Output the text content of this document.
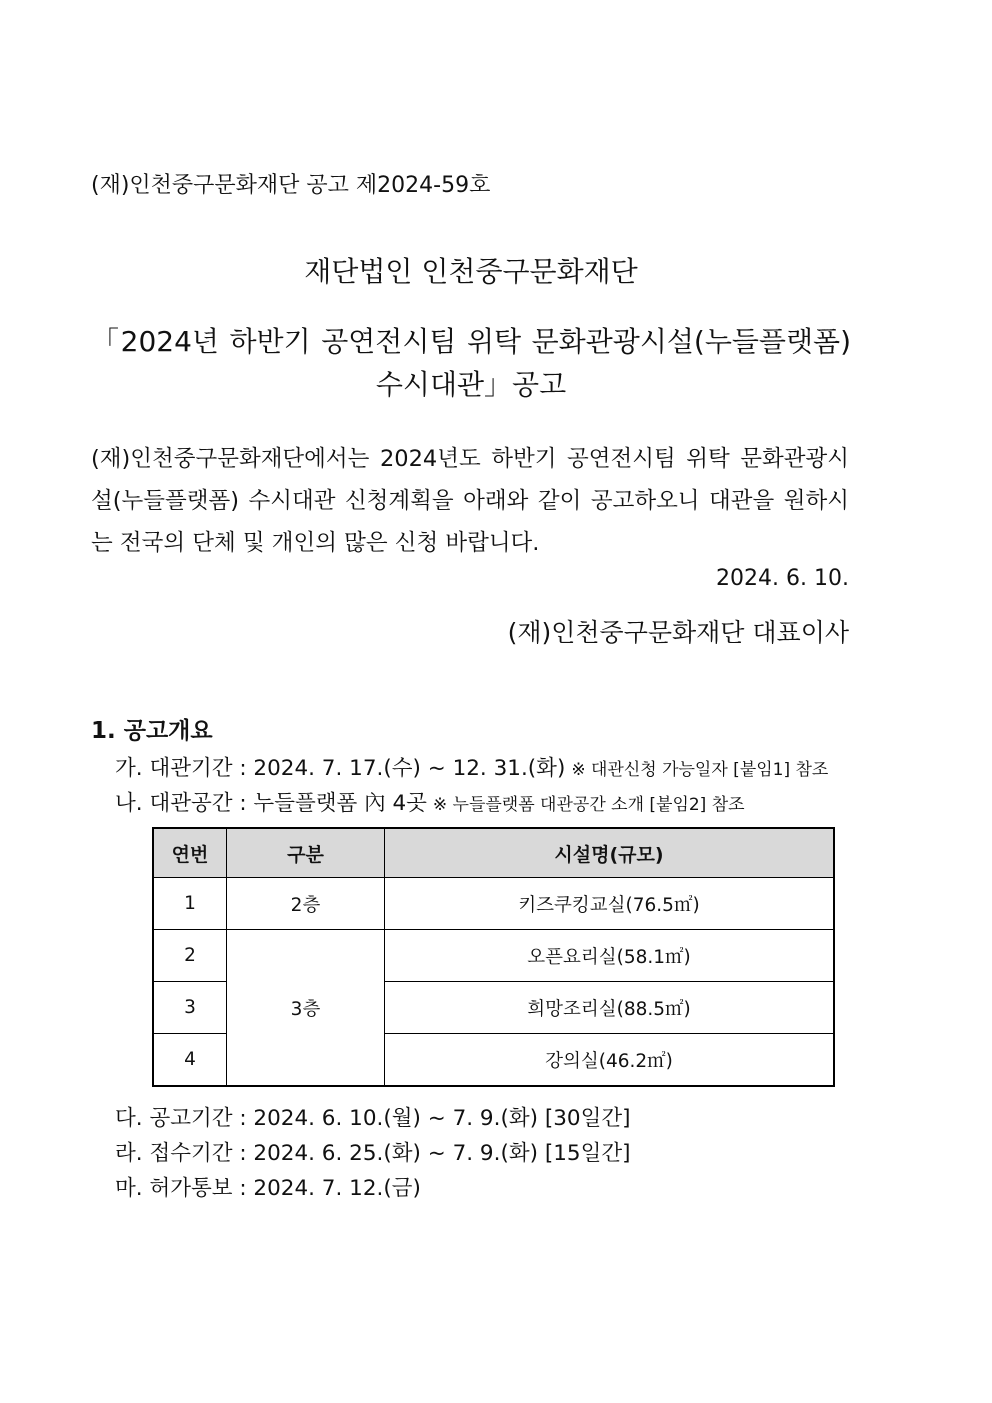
(재)인천중구문화재단 공고 제2024-59호
재단법인 인천중구문화재단
「2024년 하반기 공연전시팀 위탁 문화관광시설(누들플랫폼)
수시대관」공고
(재)인천중구문화재단에서는 2024년도 하반기 공연전시팀 위탁 문화관광시설(누들플랫폼) 수시대관 신청계획을 아래와 같이 공고하오니 대관을 원하시는 전국의 단체 및 개인의 많은 신청 바랍니다.
2024. 6. 10.
(재)인천중구문화재단 대표이사
1. 공고개요
가. 대관기간 : 2024. 7. 17.(수) ~ 12. 31.(화) ※ 대관신청 가능일자 [붙임1] 참조
나. 대관공간 : 누들플랫폼 內 4곳 ※ 누들플랫폼 대관공간 소개 [붙임2] 참조
연번	구분	시설명(규모)
1	2층	키즈쿠킹교실(76.5㎡)
2	3층	오픈요리실(58.1㎡)
3		희망조리실(88.5㎡)
4		강의실(46.2㎡)
다. 공고기간 : 2024. 6. 10.(월) ~ 7. 9.(화) [30일간]
라. 접수기간 : 2024. 6. 25.(화) ~ 7. 9.(화) [15일간]
마. 허가통보 : 2024. 7. 12.(금)
